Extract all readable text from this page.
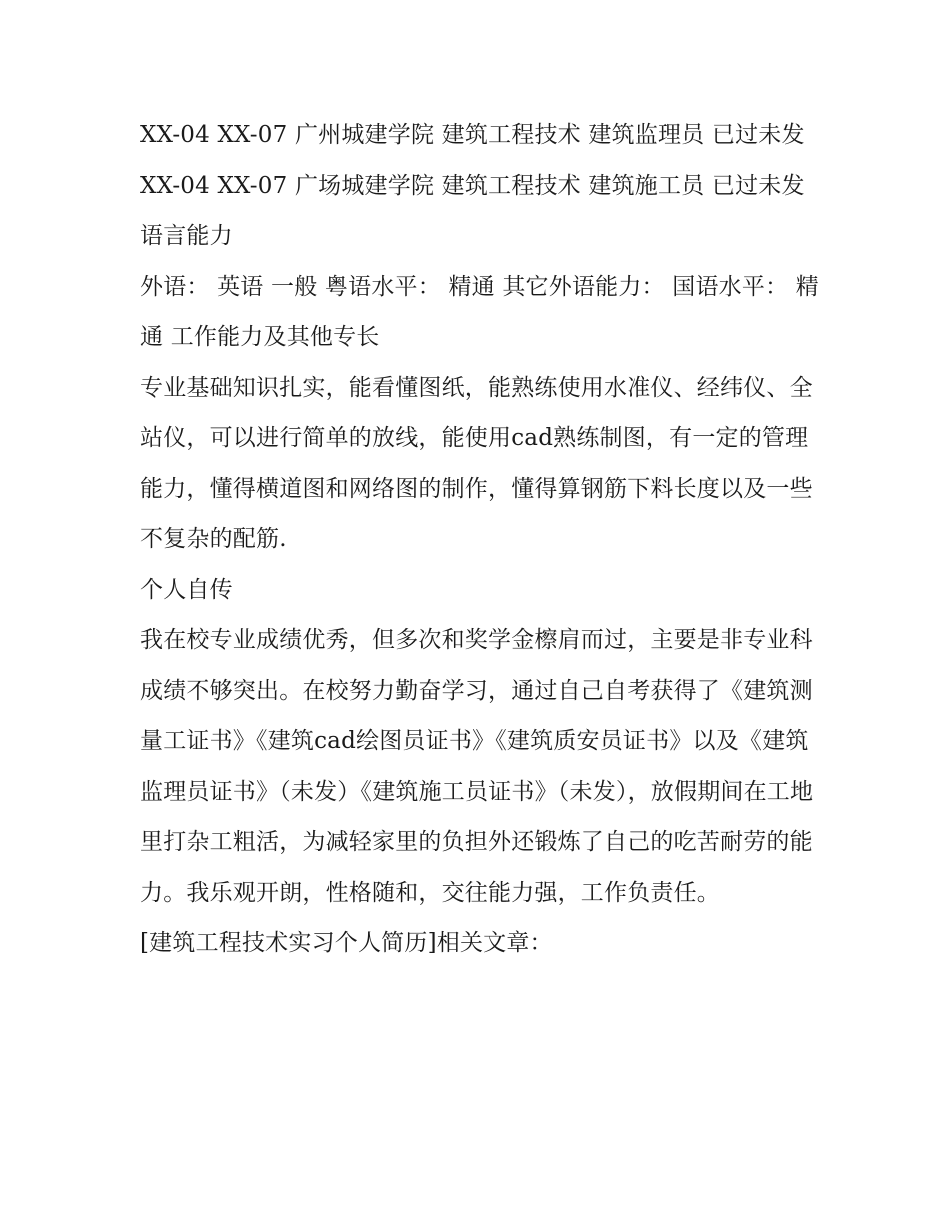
XX-04 XX-07 广州城建学院 建筑工程技术 建筑监理员 已过未发 XX-04 XX-07 广场城建学院 建筑工程技术 建筑施工员 已过未发 语言能力

外语： 英语 一般 粤语水平： 精通 其它外语能力： 国语水平： 精通 工作能力及其他专长

专业基础知识扎实，能看懂图纸，能熟练使用水准仪、经纬仪、全站仪，可以进行简单的放线，能使用cad熟练制图，有一定的管理能力，懂得横道图和网络图的制作，懂得算钢筋下料长度以及一些不复杂的配筋.

个人自传

我在校专业成绩优秀，但多次和奖学金檫肩而过，主要是非专业科成绩不够突出。在校努力勤奋学习，通过自己自考获得了《建筑测量工证书》《建筑cad绘图员证书》《建筑质安员证书》以及《建筑监理员证书》（未发）《建筑施工员证书》（未发），放假期间在工地里打杂工粗活，为减轻家里的负担外还锻炼了自己的吃苦耐劳的能力。我乐观开朗，性格随和，交往能力强，工作负责任。

[建筑工程技术实习个人简历]相关文章：
